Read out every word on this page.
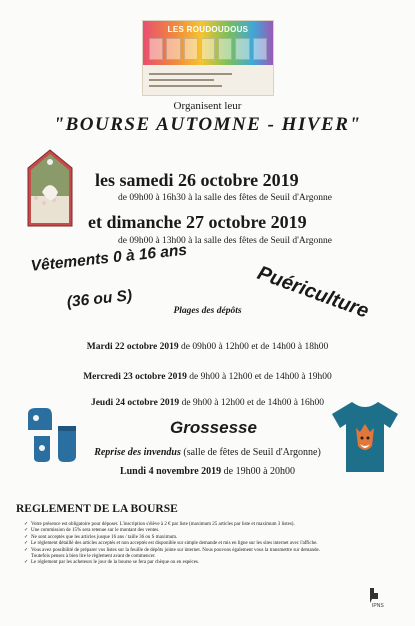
LES ROUDOUDOUS
Organisent leur
"BOURSE AUTOMNE - HIVER"
les samedi 26 octobre 2019
de 09h00 à 16h30 à la salle des fêtes de Seuil d'Argonne
et dimanche 27 octobre 2019
de 09h00 à 13h00 à la salle des fêtes de Seuil d'Argonne
Vêtements 0 à 16 ans
(36 ou S)	Puériculture
Plages des dépôts
Mardi 22 octobre 2019 de 09h00 à 12h00 et de 14h00 à 18h00
Mercredi 23 octobre 2019 de 9h00 à 12h00 et de 14h00 à 19h00
Jeudi 24 octobre 2019 de 9h00 à 12h00 et de 14h00 à 16h00
Grossesse
Reprise des invendus (salle de fêtes de Seuil d'Argonne)
Lundi 4 novembre 2019 de 19h00 à 20h00
REGLEMENT DE LA BOURSE
✓ Votre présence est obligatoire pour déposer. L'inscription s'élève à 2 € par liste (maximum 25 articles par liste et maximum 3 listes).
✓ Une commission de 15% sera retenue sur le montant des ventes.
✓ Ne sont acceptés que les articles jusque 16 ans / taille 36 ou S maximum.
✓ Le règlement détaillé des articles acceptés et non acceptés est disponible sur simple demande et mis en ligne sur les sites internet avec l'affiche.
✓ Vous avez possibilité de préparer vos listes sur la feuille de dépôts jointe sur internet. Nous pouvons également vous la transmettre sur demande.
Toutefois pensez à bien lire le règlement avant de commencer.
✓ Le règlement par les acheteurs le jour de la bourse se fera par chèque ou en espèces.
IPNS
